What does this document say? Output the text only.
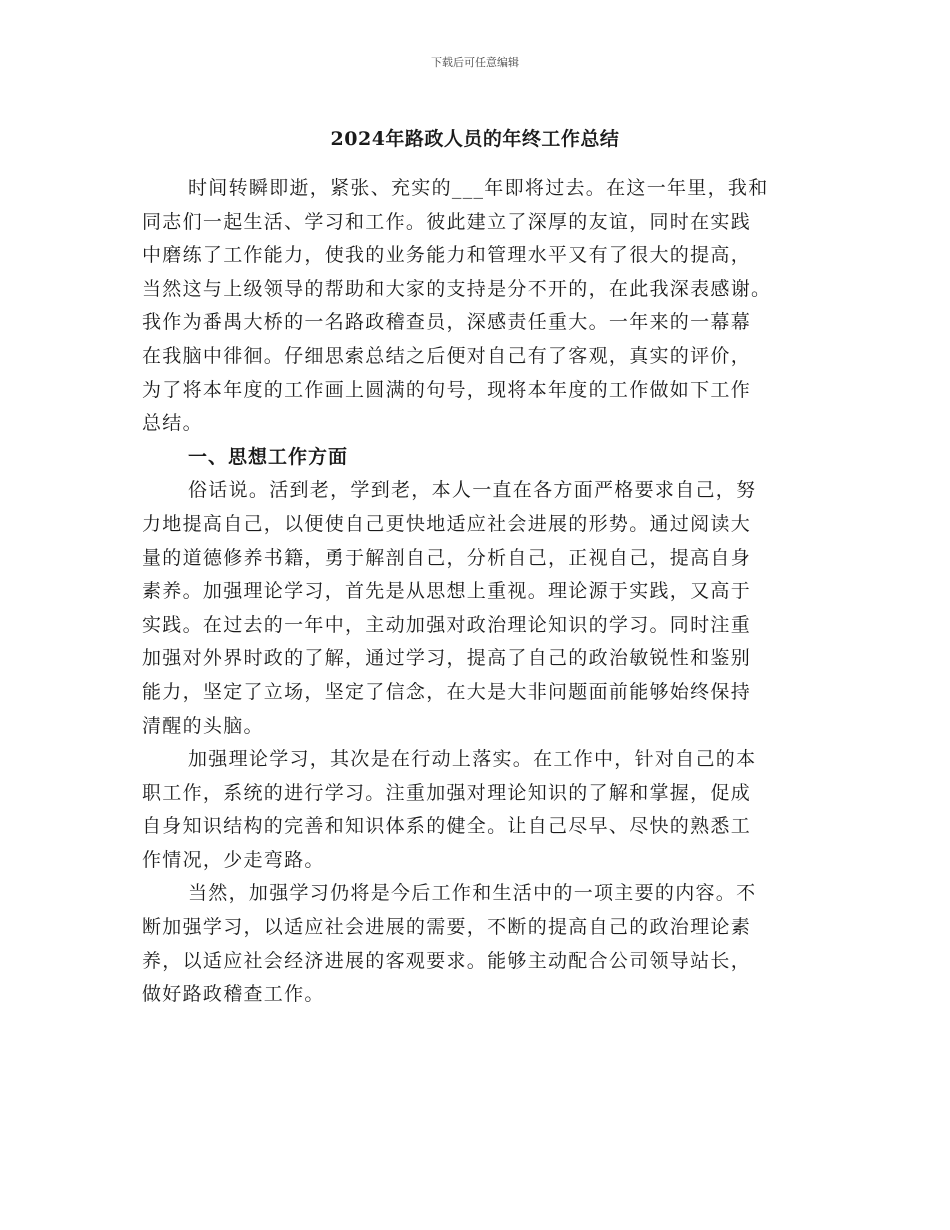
下载后可任意编辑
2024年路政人员的年终工作总结
时间转瞬即逝，紧张、充实的___年即将过去。在这一年里，我和
同志们一起生活、学习和工作。彼此建立了深厚的友谊，同时在实践
中磨练了工作能力，使我的业务能力和管理水平又有了很大的提高，
当然这与上级领导的帮助和大家的支持是分不开的，在此我深表感谢。
我作为番禺大桥的一名路政稽查员，深感责任重大。一年来的一幕幕
在我脑中徘徊。仔细思索总结之后便对自己有了客观，真实的评价，
为了将本年度的工作画上圆满的句号，现将本年度的工作做如下工作
总结。
一、思想工作方面
俗话说。活到老，学到老，本人一直在各方面严格要求自己，努
力地提高自己，以便使自己更快地适应社会进展的形势。通过阅读大
量的道德修养书籍，勇于解剖自己，分析自己，正视自己，提高自身
素养。加强理论学习，首先是从思想上重视。理论源于实践，又高于
实践。在过去的一年中，主动加强对政治理论知识的学习。同时注重
加强对外界时政的了解，通过学习，提高了自己的政治敏锐性和鉴别
能力，坚定了立场，坚定了信念，在大是大非问题面前能够始终保持
清醒的头脑。
加强理论学习，其次是在行动上落实。在工作中，针对自己的本
职工作，系统的进行学习。注重加强对理论知识的了解和掌握，促成
自身知识结构的完善和知识体系的健全。让自己尽早、尽快的熟悉工
作情况，少走弯路。
当然，加强学习仍将是今后工作和生活中的一项主要的内容。不
断加强学习，以适应社会进展的需要，不断的提高自己的政治理论素
养，以适应社会经济进展的客观要求。能够主动配合公司领导站长，
做好路政稽查工作。
